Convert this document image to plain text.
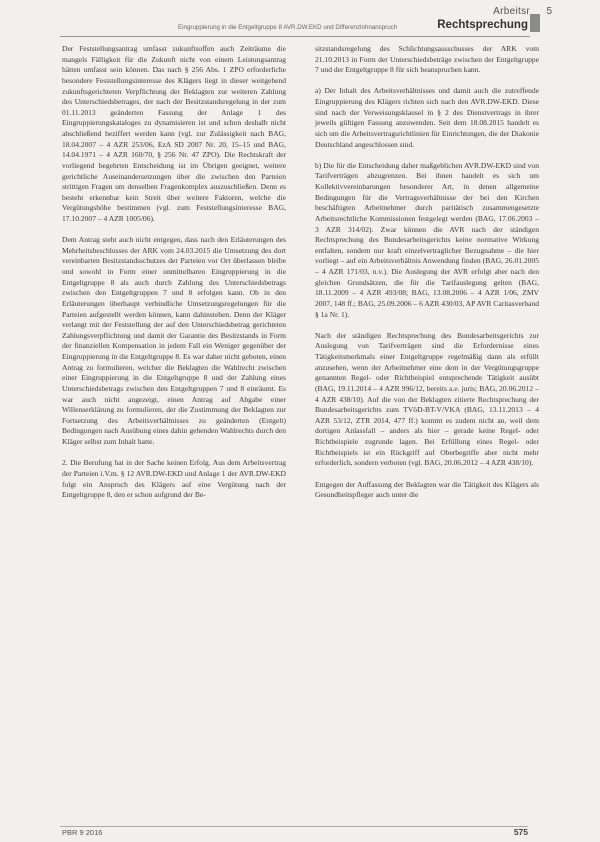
Arbeitsr 5
Eingruppierung in die Entgeltgruppe 8 AVR.DW.EKD und Differenzlohnanspruch	Rechtsprechung

Der Feststellungsantrag umfasst zukunftsoffen auch Zeiträume die mangels Fälligkeit für die Zukunft nicht von einem Leistungsantrag hätten umfasst sein können. Das nach § 256 Abs. 1 ZPO erforderliche besondere Feststellungsinteresse des Klägers liegt in dieser weitgehend zukunftsgerichteten Verpflichtung der Beklagten zur weiteren Zahlung des Unterschiedsbetrages, der nach der Besitzstandsregelung in der zum 01.11.2013 geänderten Fassung der Anlage 1 des Eingruppierungskataloges zu dynamisieren ist und schon deshalb nicht abschließend beziffert werden kann (vgl. zur Zulässigkeit nach BAG, 18.04.2007 – 4 AZR 253/06, EzA SD 2007 Nr. 20, 15–15 und BAG, 14.04.1971 – 4 AZR 160/70, § 256 Nr. 47 ZPO). Die Rechtskraft der vorliegend begehrten Entscheidung ist im Übrigen geeignet, weitere gerichtliche Auseinandersetzungen über die zwischen den Parteien strittigen Fragen um denselben Fragenkomplex auszuschließen. Denn es besteht erkennbar kein Streit über weitere Faktoren, welche die Vergütungshöhe bestimmen (vgl. zum Feststellungsinteresse BAG, 17.10.2007 – 4 AZR 1005/06).

Dem Antrag steht auch nicht entgegen, dass nach den Erläuterungen des Mehrheitsbeschlusses der ARK vom 24.03.2015 die Umsetzung des dort vereinbarten Besitzstandsschutzes der Parteien vor Ort überlassen bleibe und sowohl in Form einer unmittelbaren Eingruppierung in die Entgeltgruppe 8 als auch durch Zahlung des Unterschiedsbetrags zwischen den Entgeltgruppen 7 und 8 erfolgen kann. Ob in den Erläuterungen überhaupt verbindliche Umsetzungsregelungen für die Parteien aufgestellt werden können, kann dahinstehen. Denn der Kläger verlangt mit der Feststellung der auf den Unterschiedsbetrag gerichteten Zahlungsverpflichtung und damit der Garantie des Besitzstands in Form der finanziellen Kompensation in jedem Fall ein Weniger gegenüber der Eingruppierung in die Entgeltgruppe 8. Es war daher nicht geboten, einen Antrag zu formulieren, welcher die Beklagten die Wahlrecht zwischen einer Eingruppierung in die Entgeltgruppe 8 und der Zahlung eines Unterschiedsbetrags zwischen den Entgeltgruppen 7 und 8 einräumt. Es war auch nicht angezeigt, einen Antrag auf Abgabe einer Willenserklärung zu formulieren, der die Zustimmung der Beklagten zur Fortsetzung des Arbeitsverhältnisses zu geänderten (Entgelt) Bedingungen nach Ausübung eines dahin gehenden Wahlrechts durch den Kläger selbst zum Inhalt hatte.

2. Die Berufung hat in der Sache keinen Erfolg. Aus dem Arbeitsvertrag der Parteien i.V.m. § 12 AVR.DW-EKD und Anlage 1 der AVR.DW-EKD folgt ein Anspruch des Klägers auf eine Vergütung nach der Entgeltgruppe 8, den er schon aufgrund der Be-

sitzstandsregelung des Schlichtungsausschusses der ARK vom 21.10.2013 in Form der Unterschiedsbeträge zwischen der Entgeltgruppe 7 und der Entgeltgruppe 8 für sich beanspruchen kann.

a) Der Inhalt des Arbeitsverhältnisses und damit auch die zutreffende Eingruppierung des Klägers richten sich nach den AVR.DW-EKD. Diese sind nach der Verweisungsklausel in § 2 des Dienstvertrags in ihrer jeweils gültigen Fassung anzuwenden. Seit dem 18.08.2015 handelt es sich um die Arbeitsvertragsrichtlinien für Einrichtungen, die der Diakonie Deutschland angeschlossen sind.

b) Die für die Entscheidung daher maßgeblichen AVR.DW-EKD sind von Tarifverträgen abzugrenzen. Bei ihnen handelt es sich um Kollektivvereinbarungen besonderer Art, in denen allgemeine Bedingungen für die Vertragsverhältnisse der bei den Kirchen beschäftigten Arbeitnehmer durch paritätisch zusammengesetzte Arbeitsrechtliche Kommissionen festgelegt werden (BAG, 17.06.2003 – 3 AZR 314/02). Zwar können die AVR nach der ständigen Rechtsprechung des Bundesarbeitsgerichts keine normative Wirkung entfalten, sondern nur kraft einzelvertraglicher Bezugnahme – die hier vorliegt – auf ein Arbeitsverhältnis Anwendung finden (BAG, 26.01.2005 – 4 AZR 171/03, n.v.). Die Auslegung der AVR erfolgt aber nach den gleichen Grundsätzen, die für die Tarifauslegung gelten (BAG, 18.11.2009 – 4 AZR 493/08; BAG, 13.08.2006 – 4 AZR 1/06, ZMV 2007, 148 ff.; BAG, 25.09.2006 – 6 AZR 430/03, AP AVR Caritasverband § 1a Nr. 1).

Nach der ständigen Rechtsprechung des Bundesarbeitsgerichts zur Auslegung von Tarifverträgen sind die Erfordernisse eines Tätigkeitsmerkmals einer Entgeltgruppe regelmäßig dann als erfüllt anzusehen, wenn der Arbeitnehmer eine dem in der Vergütungsgruppe genannten Regel- oder Richtbeispiel entsprechende Tätigkeit ausübt (BAG, 19.11.2014 – 4 AZR 996/12, bereits a.e. juris; BAG, 20.06.2012 – 4 AZR 438/10). Auf die von der Beklagten zitierte Rechtsprechung der Bundesarbeitsgerichts zum TVöD-BT-V/VKA (BAG, 13.11.2013 – 4 AZR 53/12, ZTR 2014, 477 ff.) kommt es zudem nicht an, weil dem dortigen Anlassfall – anders als hier – gerade keine Regel- oder Richtbeispiele zugrunde lagen. Bei Erfüllung eines Regel- oder Richtbeispiels ist ein Rückgriff auf Oberbegriffe aber nicht mehr erforderlich, sondern verboten (vgl. BAG, 20.06.2012 – 4 AZR 438/10).

Entgegen der Auffassung der Beklagten war die Tätigkeit des Klägers als Gesundheitspfleger auch unter die

PBR 9 2016	575
